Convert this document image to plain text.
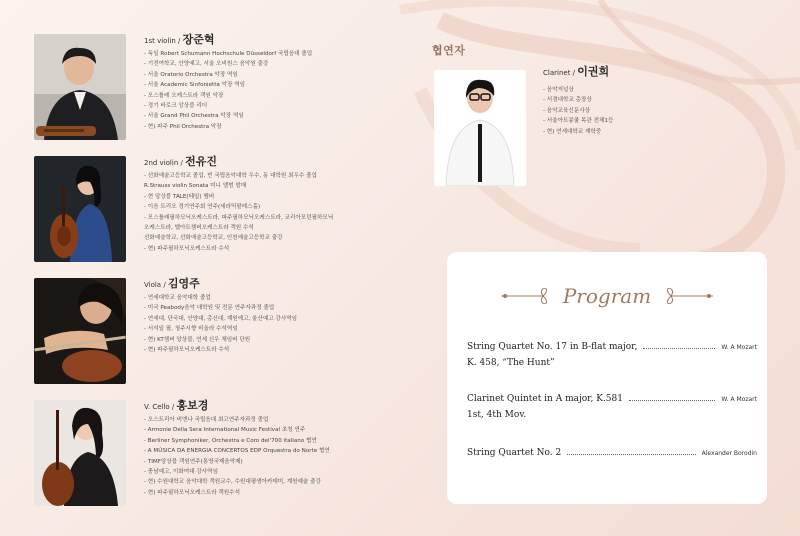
1st violin / 장준혁
- 독일 Robert Schumann Hochschule Düsseldorf 국립음대 졸업
- 기전여학교, 안양예고, 서울 오비원스 음악원 출강
- 서울 Oratorio Orchestra 악장 역임
- 서울 Academic Sinfonietta 악장 역임
- 모스틀레 오케스트라 객원 악장
- 경기 바로크 앙상블 리더
- 서울 Grand Phil Orchestra 악장 역임
- 현) 파주 Phil Orchestra 악장
2nd violin / 전유진
- 선화예술고등학교 졸업, 빈 국립음악대학 우수, 동 대학원 최우수 졸업
R.Strauss violin Sonata 미니 앨범 발매
- 현 앙상블 TALE(테일) 멤버
- 이음 트리오 정기연주회 연주(세라믹팔레스홀)
- 모스틀레필하모닉오케스트라, 파주필하모닉오케스트라, 코리아모던필하모닉
오케스트라, 밸아트챔버오케스트라 객원 수석
선화예술학교, 선화예술고등학교, 인천예술고등학교 출강
- 현) 파주필하모닉오케스트라 수석
Viola / 김영주
- 연세대학교 음악대학 졸업
- 미국 Peabody음악 대학원 및 전문 연주자과정 졸업
- 연세대, 단국대, 안양대, 총신대, 계원예고, 울산예고 강사역임
- 서석일 필, 청주시향 비올라 수석역임
- 현) KT챔버 앙상블, 연세 신우 체임버 단원
- 현) 파주필하모닉오케스트라 수석
V. Cello / 홍보경
- 오스트리아 비엔나 국립음대 최고연주자과정 졸업
- Armonie Della Sera International Music Festival 초청 연주
- Berliner Symphoniker, Orchestra e Coro del'700 italiano 협연
- A MÚSICA DA ENERGIA CONCERTOS EDP Orquestra do Norte 협연
- TIMF앙상블 객원연주(통영국제음악제)
- 충남예고, 이화여대 강사역임
- 현) 수원대학교 음악대학 객원교수, 수원대평생아카데미, 계원예술 출강
- 현) 파주필하모닉오케스트라 객원수석
협연자
Clarinet / 이권희
- 음악저널상
- 서경대학교 총장상
- 음악교육신문사상
- 서울아트콩쿨 목관 전체1등
- 현) 연세대학교 재학중
Program
String Quartet No. 17 in B-flat major,	W. A Mozart
K. 458, “The Hunt”
Clarinet Quintet in A major, K.581	W. A Mozart
1st, 4th Mov.
String Quartet No. 2	Alexander Borodin
